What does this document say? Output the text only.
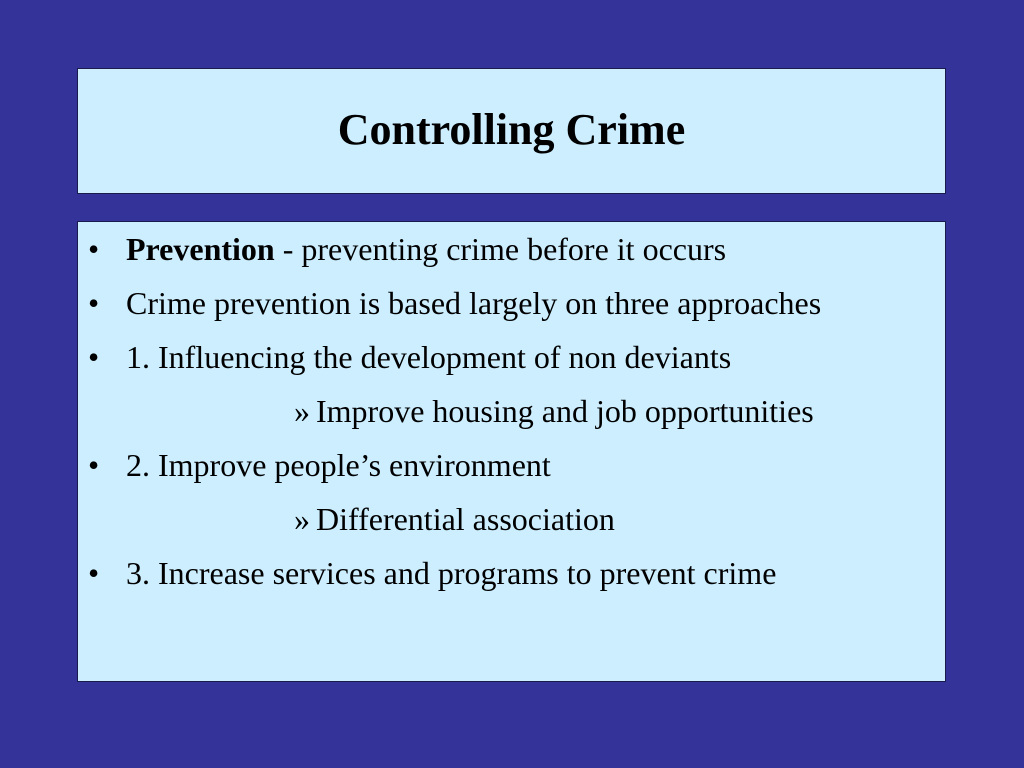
Controlling Crime
• Prevention - preventing crime before it occurs
• Crime prevention is based largely on three approaches
• 1. Influencing the development of non deviants
» Improve housing and job opportunities
• 2. Improve people’s environment
» Differential association
• 3. Increase services and programs to prevent crime
